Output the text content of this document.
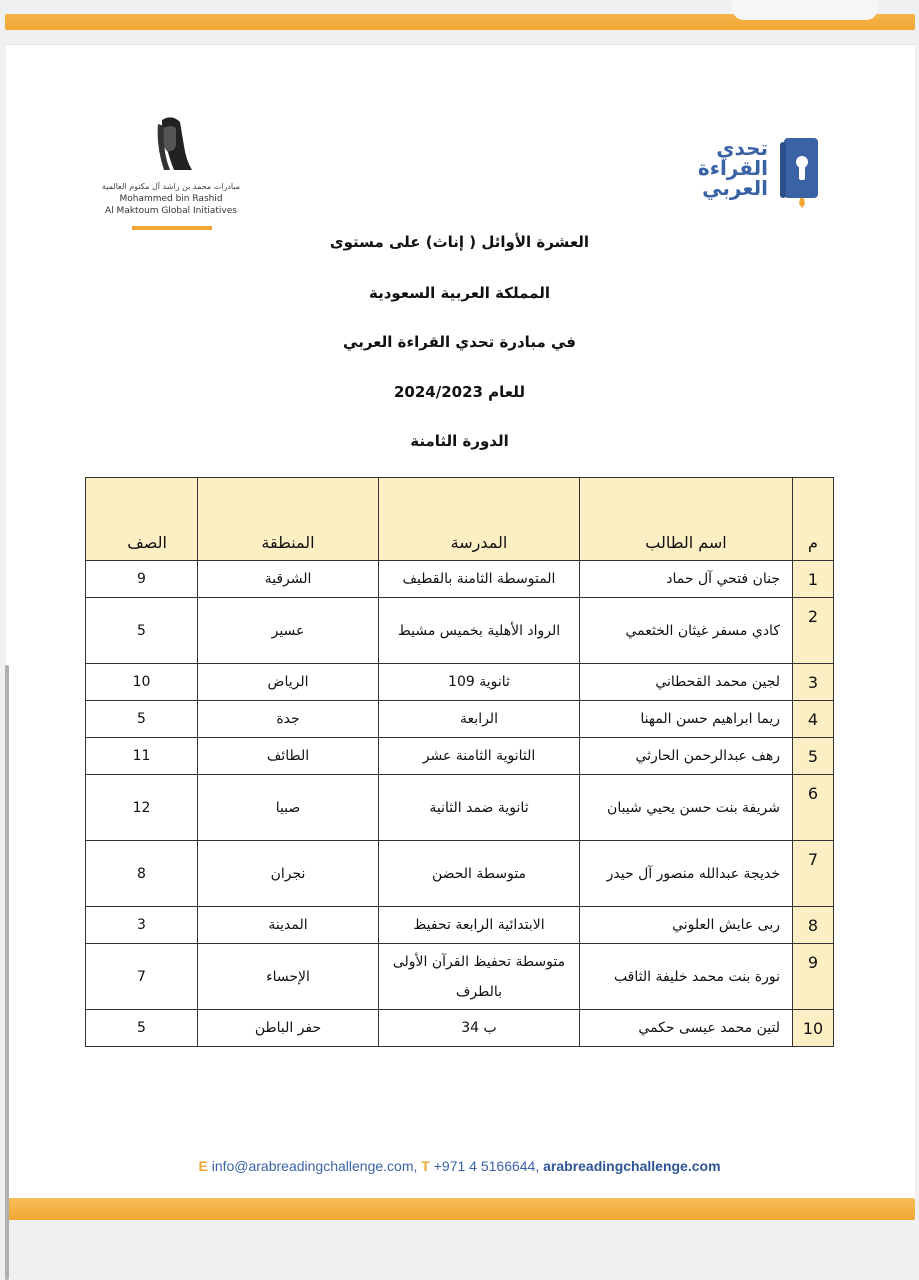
مبادرات محمد بن راشد آل مكتوم العالمية
Mohammed bin Rashid
Al Maktoum Global Initiatives
تحدي
القراءة
العربي
العشرة الأوائل ( إناث) على مستوى
المملكة العربية السعودية
في مبادرة تحدي القراءة العربي
للعام 2024/2023
الدورة الثامنة
م	اسم الطالب	المدرسة	المنطقة	الصف
1	جنان فتحي آل حماد	المتوسطة الثامنة بالقطيف	الشرقية	9
2	كادي مسفر غيثان الخثعمي	الرواد الأهلية بخميس مشيط	عسير	5
3	لجين محمد القحطاني	ثانوية 109	الرياض	10
4	ريما ابراهيم حسن المهنا	الرابعة	جدة	5
5	رهف عبدالرحمن الحارثي	الثانوية الثامنة عشر	الطائف	11
6	شريفة بنت حسن يحيي شيبان	ثانوية ضمد الثانية	صبيا	12
7	خديجة عبدالله منصور آل حيدر	متوسطة الحضن	نجران	8
8	ربى عايش العلوني	الابتدائية الرابعة تحفيظ	المدينة	3
9	نورة بنت محمد خليفة الثاقب	متوسطة تحفيظ القرآن الأولى بالطرف	الإحساء	7
10	لتين محمد عيسى حكمي	ب 34	حفر الباطن	5
E info@arabreadingchallenge.com, T +971 4 5166644, arabreadingchallenge.com
